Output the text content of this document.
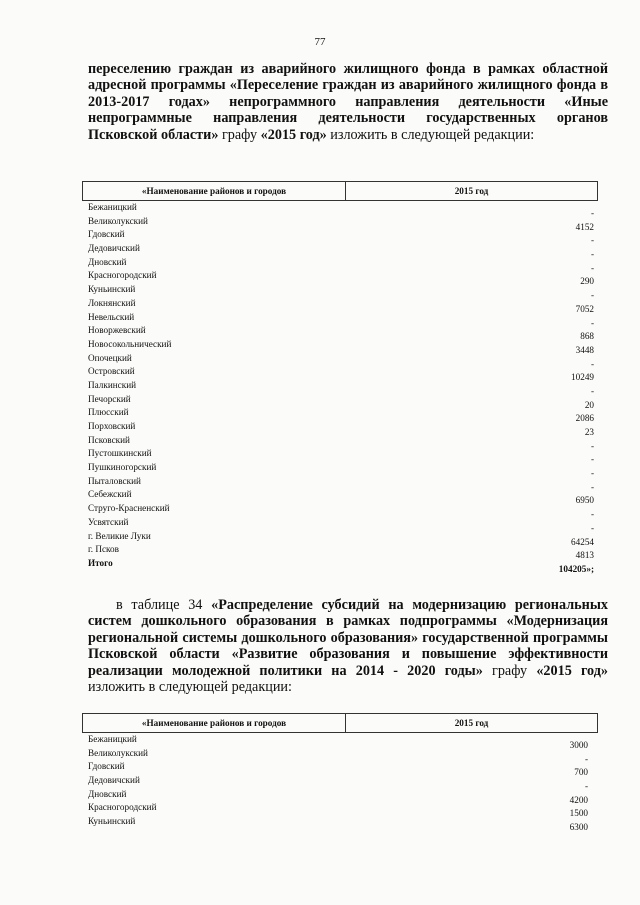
77

переселению граждан из аварийного жилищного фонда в рамках областной адресной программы «Переселение граждан из аварийного жилищного фонда в 2013-2017 годах» непрограммного направления деятельности «Иные непрограммные направления деятельности государственных органов Псковской области» графу «2015 год» изложить в следующей редакции:

«Наименование районов и городов	2015 год
Бежаницкий
-
Великолукский
4152
Гдовский
-
Дедовичский
-
Дновский
-
Красногородский
290
Куньинский
-
Локнянский
7052
Невельский
-
Новоржевский
868
Новосокольнический
3448
Опочецкий
-
Островский
10249
Палкинский
-
Печорский
20
Плюсский
2086
Порховский
23
Псковский
-
Пустошкинский
-
Пушкиногорский
-
Пыталовский
-
Себежский
6950
Струго-Красненский
-
Усвятский
-
г. Великие Луки
64254
г. Псков
4813
Итого
104205»;

в таблице 34 «Распределение субсидий на модернизацию региональных систем дошкольного образования в рамках подпрограммы «Модернизация региональной системы дошкольного образования» государственной программы Псковской области «Развитие образования и повышение эффективности реализации молодежной политики на 2014 - 2020 годы» графу «2015 год» изложить в следующей редакции:

«Наименование районов и городов	2015 год
Бежаницкий
3000
Великолукский
-
Гдовский
700
Дедовичский
-
Дновский
4200
Красногородский
1500
Куньинский
6300
